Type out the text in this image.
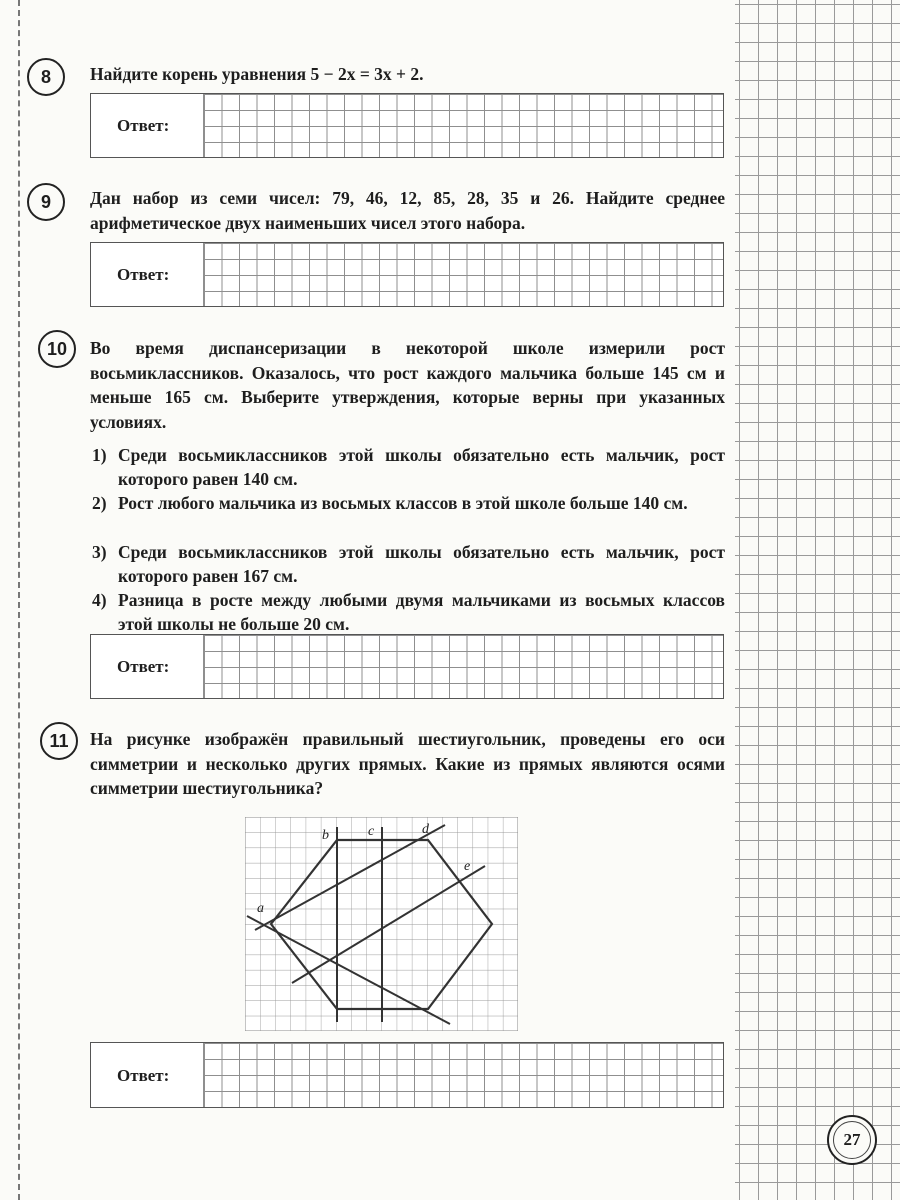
8 Найдите корень уравнения 5 − 2x = 3x + 2.
Ответ:
9 Дан набор из семи чисел: 79, 46, 12, 85, 28, 35 и 26. Найдите среднее арифметическое двух наименьших чисел этого набора.
Ответ:
10 Во время диспансеризации в некоторой школе измерили рост восьмиклассников. Оказалось, что рост каждого мальчика больше 145 см и меньше 165 см. Выберите утверждения, которые верны при указанных условиях.
1) Среди восьмиклассников этой школы обязательно есть мальчик, рост которого равен 140 см.
2) Рост любого мальчика из восьмых классов в этой школе больше 140 см.
3) Среди восьмиклассников этой школы обязательно есть мальчик, рост которого равен 167 см.
4) Разница в росте между любыми двумя мальчиками из восьмых классов этой школы не больше 20 см.
Ответ:
11 На рисунке изображён правильный шестиугольник, проведены его оси симметрии и несколько других прямых. Какие из прямых являются осями симметрии шестиугольника?
a
b	c	d
e
Ответ:
27
